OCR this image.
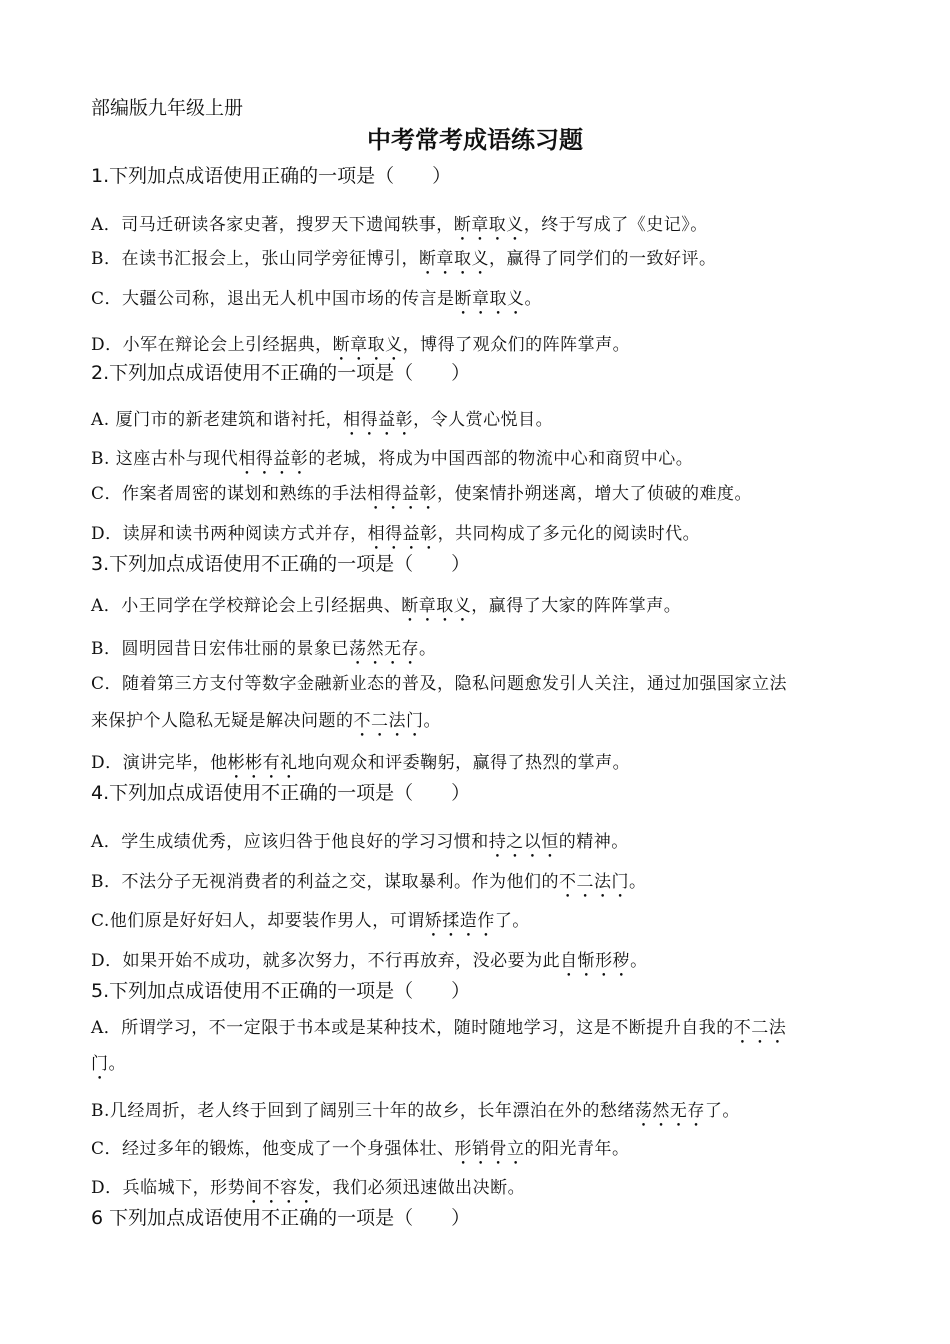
部编版九年级上册
中考常考成语练习题
1.下列加点成语使用正确的一项是（　　）
A．司马迁研读各家史著，搜罗天下遗闻轶事，断章取义，终于写成了《史记》。
B．在读书汇报会上，张山同学旁征博引，断章取义，赢得了同学们的一致好评。
C．大疆公司称，退出无人机中国市场的传言是断章取义。
D．小军在辩论会上引经据典，断章取义，博得了观众们的阵阵掌声。
2.下列加点成语使用不正确的一项是（　　）
A. 厦门市的新老建筑和谐衬托，相得益彰，令人赏心悦目。
B. 这座古朴与现代相得益彰的老城，将成为中国西部的物流中心和商贸中心。
C．作案者周密的谋划和熟练的手法相得益彰，使案情扑朔迷离，增大了侦破的难度。
D．读屏和读书两种阅读方式并存，相得益彰，共同构成了多元化的阅读时代。
3.下列加点成语使用不正确的一项是（　　）
A．小王同学在学校辩论会上引经据典、断章取义，赢得了大家的阵阵掌声。
B．圆明园昔日宏伟壮丽的景象已荡然无存。
C．随着第三方支付等数字金融新业态的普及，隐私问题愈发引人关注，通过加强国家立法
来保护个人隐私无疑是解决问题的不二法门。
D．演讲完毕，他彬彬有礼地向观众和评委鞠躬，赢得了热烈的掌声。
4.下列加点成语使用不正确的一项是（　　）
A．学生成绩优秀，应该归咎于他良好的学习习惯和持之以恒的精神。
B．不法分子无视消费者的利益之交，谋取暴利。作为他们的不二法门。
C.他们原是好好妇人，却要装作男人，可谓矫揉造作了。
D．如果开始不成功，就多次努力，不行再放弃，没必要为此自惭形秽。
5.下列加点成语使用不正确的一项是（　　）
A．所谓学习，不一定限于书本或是某种技术，随时随地学习，这是不断提升自我的不二法
门。
B.几经周折，老人终于回到了阔别三十年的故乡，长年漂泊在外的愁绪荡然无存了。
C．经过多年的锻炼，他变成了一个身强体壮、形销骨立的阳光青年。
D．兵临城下，形势间不容发，我们必须迅速做出决断。
6 下列加点成语使用不正确的一项是（　　）
